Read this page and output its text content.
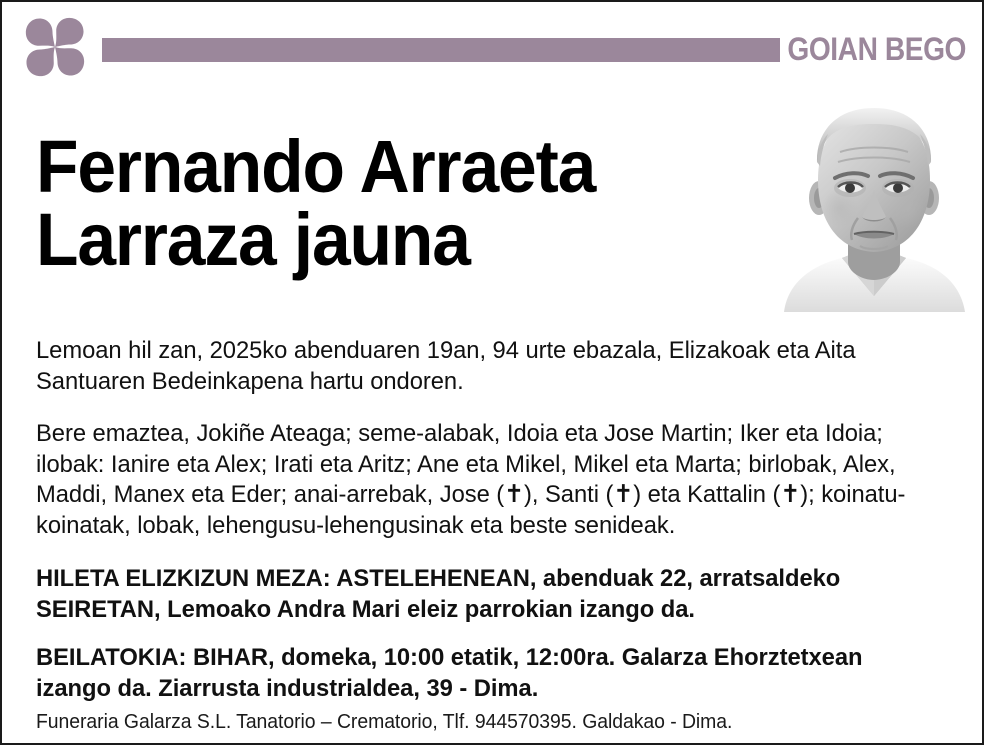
GOIAN BEGO
Fernando Arraeta
Larraza jauna

Lemoan hil zan, 2025ko abenduaren 19an, 94 urte ebazala, Elizakoak eta Aita Santuaren Bedeinkapena hartu ondoren.

Bere emaztea, Jokiñe Ateaga; seme-alabak, Idoia eta Jose Martin; Iker eta Idoia; ilobak: Ianire eta Alex; Irati eta Aritz; Ane eta Mikel, Mikel eta Marta; birlobak, Alex, Maddi, Manex eta Eder; anai-arrebak, Jose (✝), Santi (✝) eta Kattalin (✝); koinatu-koinatak, lobak, lehengusu-lehengusinak eta beste senideak.

HILETA ELIZKIZUN MEZA: ASTELEHENEAN, abenduak 22, arratsaldeko SEIRETAN, Lemoako Andra Mari eleiz parrokian izango da.

BEILATOKIA: BIHAR, domeka, 10:00 etatik, 12:00ra. Galarza Ehorztetxean izango da. Ziarrusta industrialdea, 39 - Dima.

Funeraria Galarza S.L. Tanatorio – Crematorio, Tlf. 944570395. Galdakao - Dima.
